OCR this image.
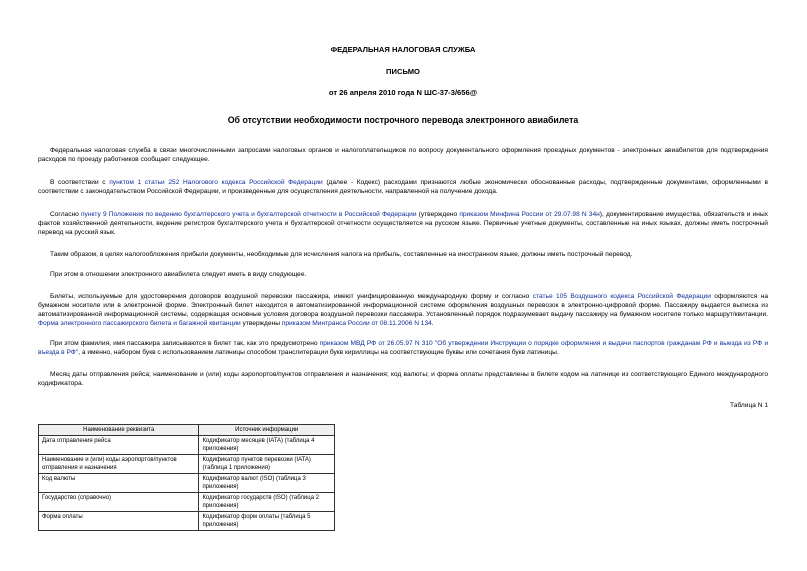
ФЕДЕРАЛЬНАЯ НАЛОГОВАЯ СЛУЖБА

ПИСЬМО

от 26 апреля 2010 года N ШС-37-3/656@

Об отсутствии необходимости построчного перевода электронного авиабилета

Федеральная налоговая служба в связи многочисленными запросами налоговых органов и налогоплательщиков по вопросу документального оформления проездных документов - электронных авиабилетов для подтверждения расходов по проезду работников сообщает следующее.

В соответствии с пунктом 1 статьи 252 Налогового кодекса Российской Федерации (далее - Кодекс) расходами признаются любые экономически обоснованные расходы, подтвержденные документами, оформленными в соответствии с законодательством Российской Федерации, и произведенные для осуществления деятельности, направленной на получение дохода.

Согласно пункту 9 Положения по ведению бухгалтерского учета и бухгалтерской отчетности в Российской Федерации (утверждено приказом Минфина России от 29.07.98 N 34н), документирование имущества, обязательств и иных фактов хозяйственной деятельности, ведение регистров бухгалтерского учета и бухгалтерской отчетности осуществляется на русском языке. Первичные учетные документы, составленные на иных языках, должны иметь построчный перевод на русский язык.

Таким образом, в целях налогообложения прибыли документы, необходимые для исчисления налога на прибыль, составленные на иностранном языке, должны иметь построчный перевод.

При этом в отношении электронного авиабилета следует иметь в виду следующее.

Билеты, используемые для удостоверения договоров воздушной перевозки пассажира, имеют унифицированную международную форму и согласно статье 105 Воздушного кодекса Российской Федерации оформляются на бумажном носителе или в электронной форме. Электронный билет находится в автоматизированной информационной системе оформления воздушных перевозок в электронно-цифровой форме. Пассажиру выдается выписка из автоматизированной информационной системы, содержащая основные условия договора воздушной перевозки пассажира. Установленный порядок подразумевает выдачу пассажиру на бумажном носителе только маршрут/квитанции. Форма электронного пассажирского билета и багажной квитанции утверждены приказом Минтранса России от 08.11.2006 N 134.

При этом фамилия, имя пассажира записываются в билет так, как это предусмотрено приказом МВД РФ от 26.05.97 N 310 "Об утверждении Инструкции о порядке оформления и выдачи паспортов гражданам РФ и выезда из РФ и въезда в РФ", а именно, набором букв с использованием латиницы способом транслитерации букв кириллицы на соответствующие буквы или сочетания букв латиницы.

Месяц даты отправления рейса; наименование и (или) коды аэропортов/пунктов отправления и назначения; код валюты; и форма оплаты представлены в билете кодом на латинице из соответствующего Единого международного кодификатора.

Таблица N 1

Наименование реквизита	Источник информации
Дата отправления рейса	Кодификатор месяцев (IATA) (таблица 4 приложения)
Наименование и (или) коды аэропортов/пунктов отправления и назначения	Кодификатор пунктов перевозки (IATA) (таблица 1 приложения)
Код валюты	Кодификатор валют (ISO) (таблица 3 приложения)
Государство (справочно)	Кодификатор государств (ISO) (таблица 2 приложения)
Форма оплаты	Кодификатор форм оплаты (таблица 5 приложения)
